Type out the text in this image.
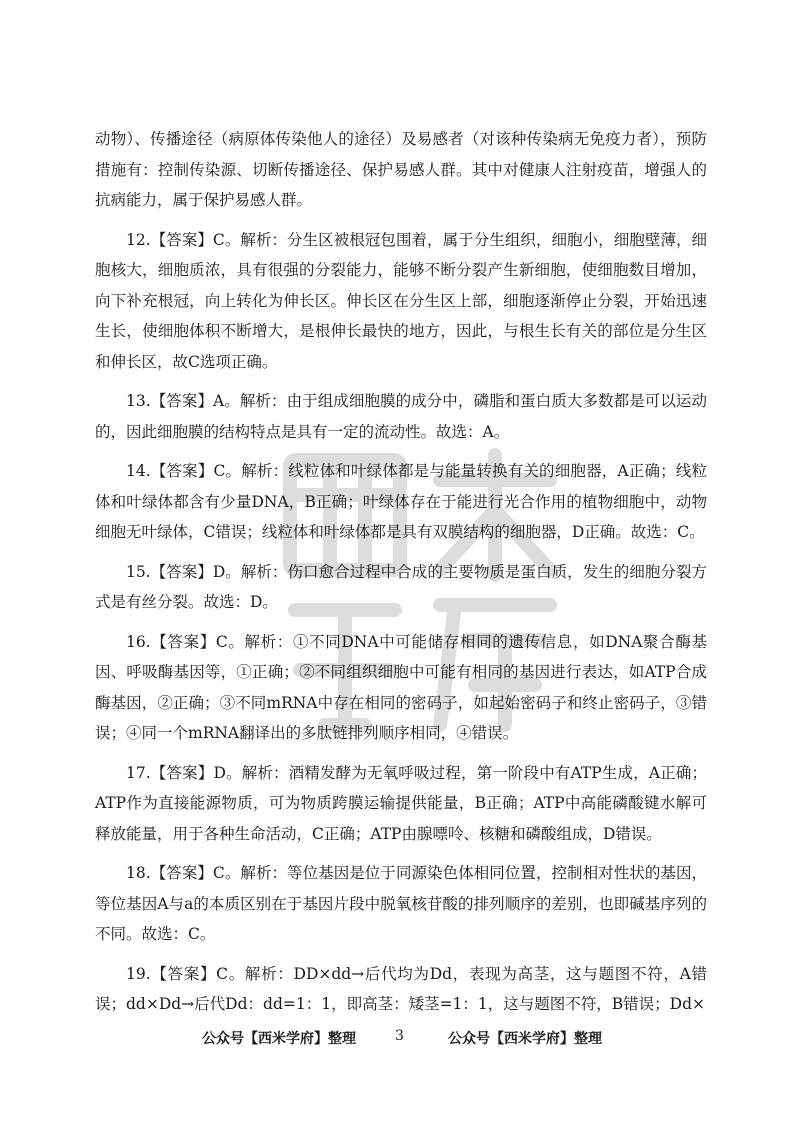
动物）、传播途径（病原体传染他人的途径）及易感者（对该种传染病无免疫力者），预防措施有：控制传染源、切断传播途径、保护易感人群。其中对健康人注射疫苗，增强人的抗病能力，属于保护易感人群。

12.【答案】C。解析：分生区被根冠包围着，属于分生组织，细胞小，细胞壁薄，细胞核大，细胞质浓，具有很强的分裂能力，能够不断分裂产生新细胞，使细胞数目增加，向下补充根冠，向上转化为伸长区。伸长区在分生区上部，细胞逐渐停止分裂，开始迅速生长，使细胞体积不断增大，是根伸长最快的地方，因此，与根生长有关的部位是分生区和伸长区，故C选项正确。

13.【答案】A。解析：由于组成细胞膜的成分中，磷脂和蛋白质大多数都是可以运动的，因此细胞膜的结构特点是具有一定的流动性。故选：A。

14.【答案】C。解析：线粒体和叶绿体都是与能量转换有关的细胞器，A正确；线粒体和叶绿体都含有少量DNA，B正确；叶绿体存在于能进行光合作用的植物细胞中，动物细胞无叶绿体，C错误；线粒体和叶绿体都是具有双膜结构的细胞器，D正确。故选：C。

15.【答案】D。解析：伤口愈合过程中合成的主要物质是蛋白质，发生的细胞分裂方式是有丝分裂。故选：D。

16.【答案】C。解析：①不同DNA中可能储存相同的遗传信息，如DNA聚合酶基因、呼吸酶基因等，①正确；②不同组织细胞中可能有相同的基因进行表达，如ATP合成酶基因，②正确；③不同mRNA中存在相同的密码子，如起始密码子和终止密码子，③错误；④同一个mRNA翻译出的多肽链排列顺序相同，④错误。

17.【答案】D。解析：酒精发酵为无氧呼吸过程，第一阶段中有ATP生成，A正确；ATP作为直接能源物质，可为物质跨膜运输提供能量，B正确；ATP中高能磷酸键水解可释放能量，用于各种生命活动，C正确；ATP由腺嘌呤、核糖和磷酸组成，D错误。

18.【答案】C。解析：等位基因是位于同源染色体相同位置，控制相对性状的基因，等位基因A与a的本质区别在于基因片段中脱氧核苷酸的排列顺序的差别，也即碱基序列的不同。故选：C。

19.【答案】C。解析：DD×dd→后代均为Dd，表现为高茎，这与题图不符，A错误；dd×Dd→后代Dd：dd=1：1，即高茎：矮茎=1：1，这与题图不符，B错误；Dd×

公众号【西米学府】整理	3	公众号【西米学府】整理
